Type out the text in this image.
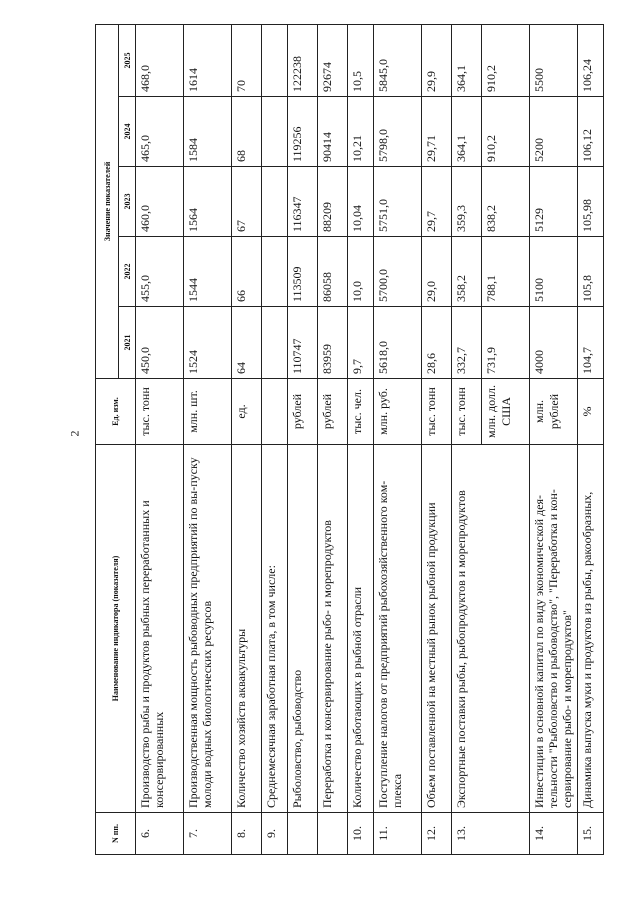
2
N пп.	Наименование индикатора (показателя)	Ед. изм.	Значение показателей				
			2021	2022	2023	2024	2025
6.	Производство рыбы и продуктов рыбных переработанных и консервированных	тыс. тонн	450,0	455,0	460,0	465,0	468,0
7.	Производственная мощность рыбоводных предприятий по вы-пуску молоди водных биологических ресурсов	млн. шт.	1524	1544	1564	1584	1614
8.	Количество хозяйств аквакультуры	ед.	64	66	67	68	70
9.	Среднемесячная заработная плата, в том числе:						
	Рыболовство, рыбоводство	рублей	110747	113509	116347	119256	122238
	Переработка и консервирование рыбо- и морепродуктов	рублей	83959	86058	88209	90414	92674
10.	Количество работающих в рыбной отрасли	тыс. чел.	9,7	10,0	10,04	10,21	10,5
11.	Поступление налогов от предприятий рыбохозяйственного ком-плекса	млн. руб.	5618,0	5700,0	5751,0	5798,0	5845,0
12.	Объем поставленной на местный рынок рыбной продукции	тыс. тонн	28,6	29,0	29,7	29,71	29,9
13.	Экспортные поставки рыбы, рыбопродуктов и морепродуктов	тыс. тонн	332,7	358,2	359,3	364,1	364,1
		млн. долл. США	731,9	788,1	838,2	910,2	910,2
14.	Инвестиции в основной капитал по виду экономической дея-тельности "Рыболовство и рыбоводство", "Переработка и кон-сервирование рыбо- и морепродуктов"	млн. рублей	4000	5100	5129	5200	5500
15.	Динамика выпуска муки и продуктов из рыбы, ракообразных,	%	104,7	105,8	105,98	106,12	106,24
